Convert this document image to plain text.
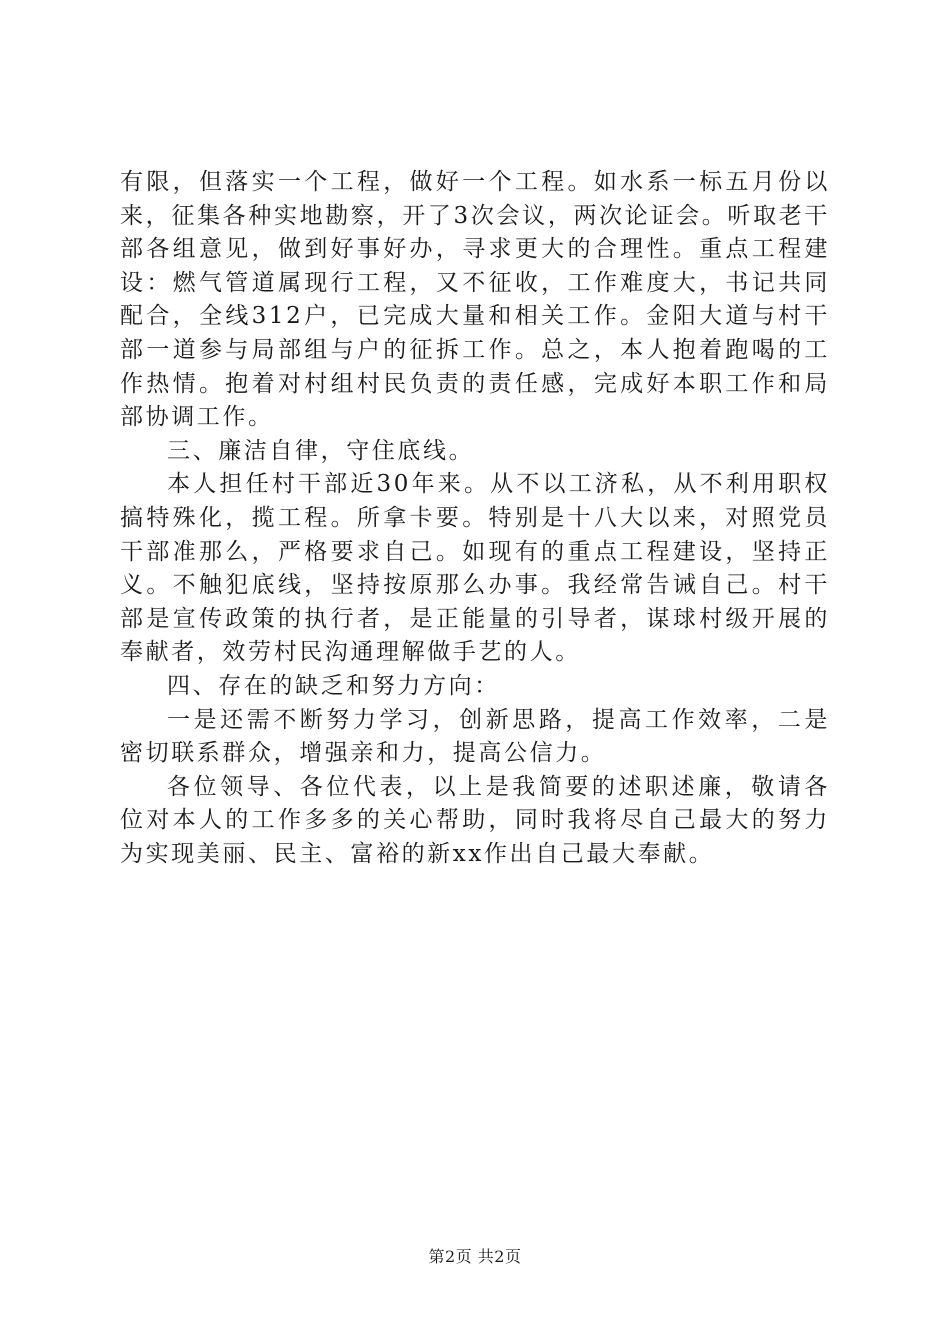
有限，但落实一个工程，做好一个工程。如水系一标五月份以来，征集各种实地勘察，开了3次会议，两次论证会。听取老干部各组意见，做到好事好办，寻求更大的合理性。重点工程建设：燃气管道属现行工程，又不征收，工作难度大，书记共同配合，全线312户，已完成大量和相关工作。金阳大道与村干部一道参与局部组与户的征拆工作。总之，本人抱着跑喝的工作热情。抱着对村组村民负责的责任感，完成好本职工作和局部协调工作。

三、廉洁自律，守住底线。

本人担任村干部近30年来。从不以工济私，从不利用职权搞特殊化，揽工程。所拿卡要。特别是十八大以来，对照党员干部准那么，严格要求自己。如现有的重点工程建设，坚持正义。不触犯底线，坚持按原那么办事。我经常告诫自己。村干部是宣传政策的执行者，是正能量的引导者，谋球村级开展的奉献者，效劳村民沟通理解做手艺的人。

四、存在的缺乏和努力方向：

一是还需不断努力学习，创新思路，提高工作效率，二是密切联系群众，增强亲和力，提高公信力。

各位领导、各位代表，以上是我简要的述职述廉，敬请各位对本人的工作多多的关心帮助，同时我将尽自己最大的努力为实现美丽、民主、富裕的新xx作出自己最大奉献。

第2页 共2页
